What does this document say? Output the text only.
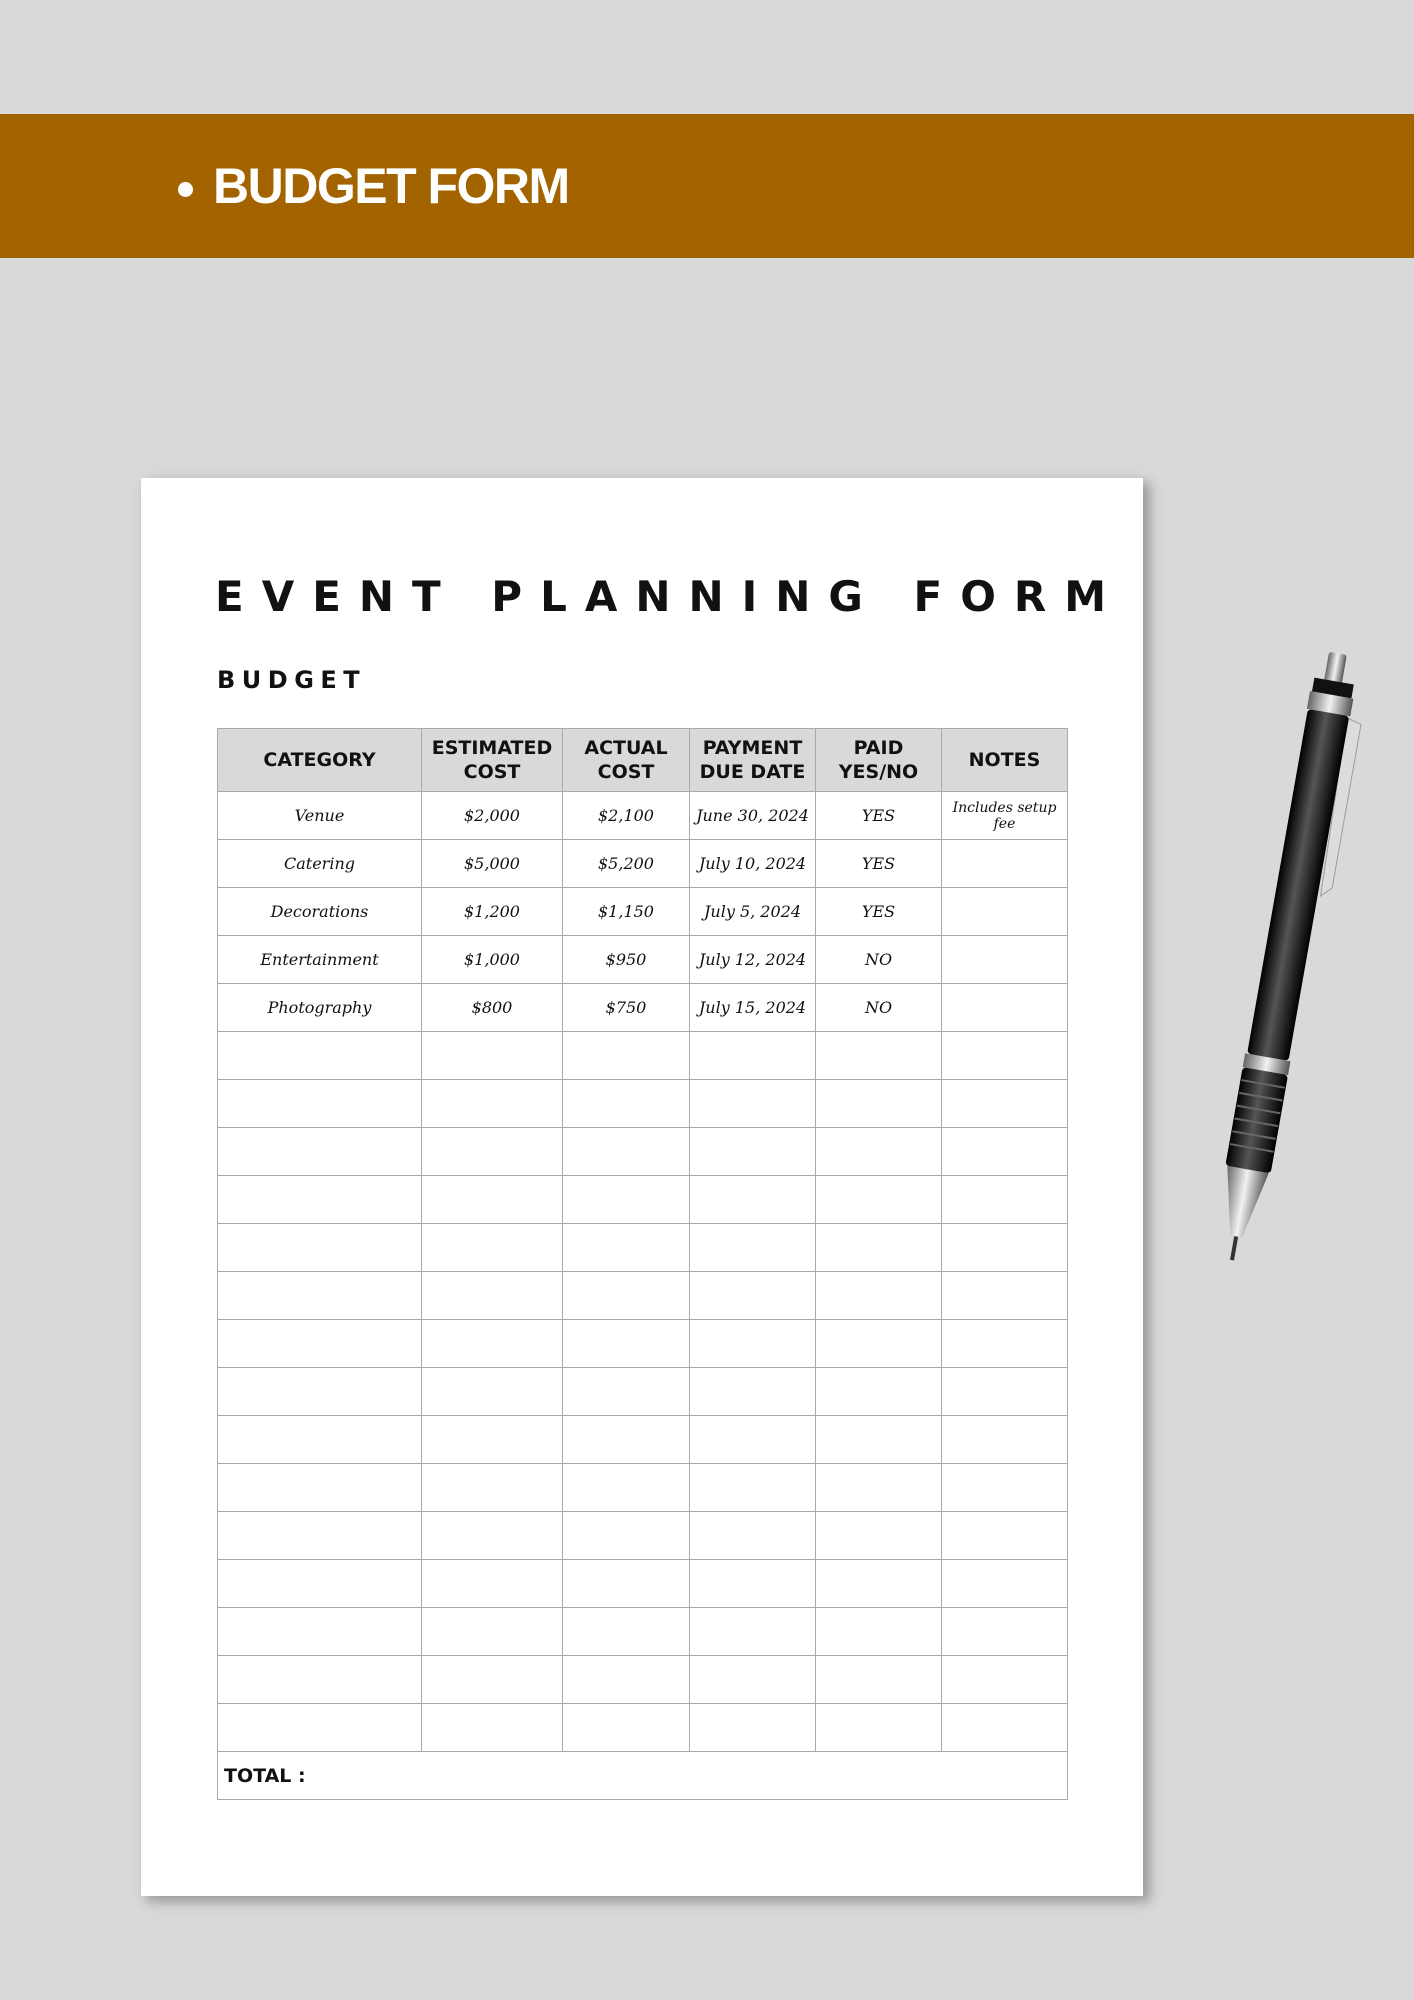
BUDGET FORM
EVENT PLANNING FORM
BUDGET
CATEGORY	ESTIMATED COST	ACTUAL COST	PAYMENT DUE DATE	PAID YES/NO	NOTES
Venue	$2,000	$2,100	June 30, 2024	YES	Includes setup fee
Catering	$5,000	$5,200	July 10, 2024	YES	
Decorations	$1,200	$1,150	July 5, 2024	YES	
Entertainment	$1,000	$950	July 12, 2024	NO	
Photography	$800	$750	July 15, 2024	NO	

TOTAL :					
